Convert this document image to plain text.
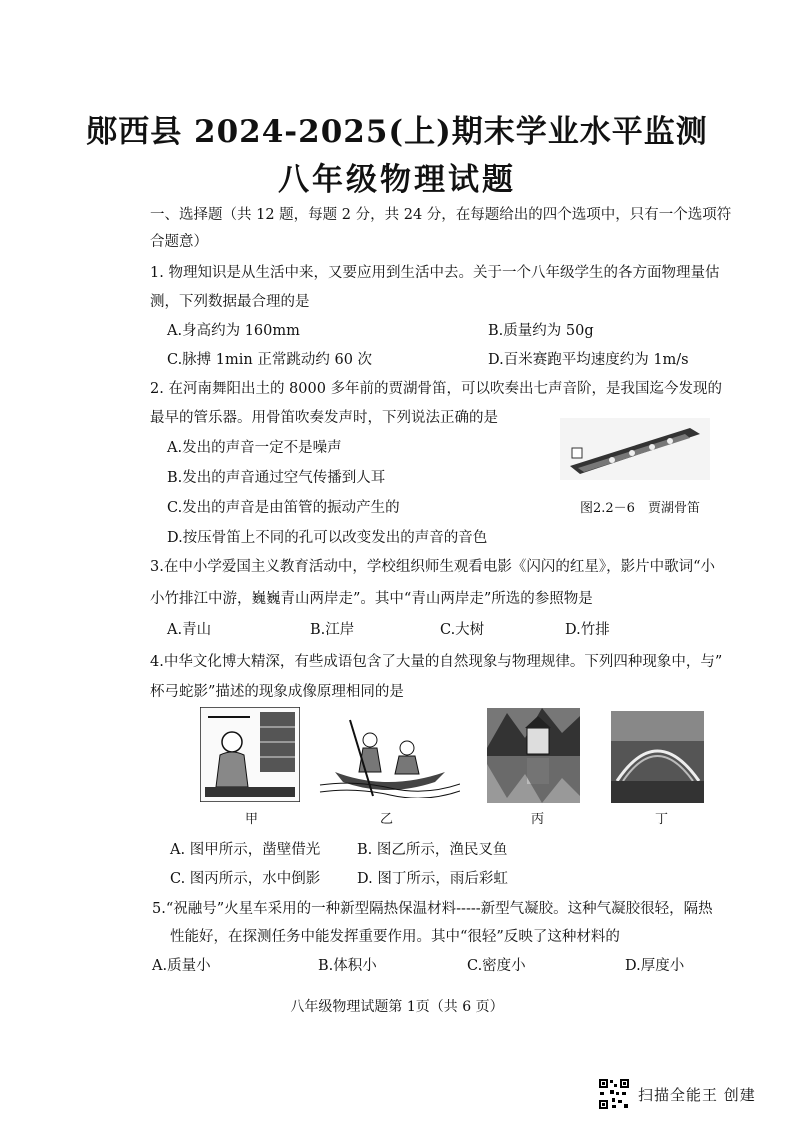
郧西县 2024-2025(上)期末学业水平监测
八年级物理试题
一、选择题（共 12 题，每题 2 分，共 24 分，在每题给出的四个选项中，只有一个选项符
合题意）
1. 物理知识是从生活中来，又要应用到生活中去。关于一个八年级学生的各方面物理量估
测，下列数据最合理的是
A.身高约为 160mm	B.质量约为 50g
C.脉搏 1min 正常跳动约 60 次	D.百米赛跑平均速度约为 1m/s
2. 在河南舞阳出土的 8000 多年前的贾湖骨笛，可以吹奏出七声音阶，是我国迄今发现的
最早的管乐器。用骨笛吹奏发声时，下列说法正确的是
A.发出的声音一定不是噪声
B.发出的声音通过空气传播到人耳
C.发出的声音是由笛管的振动产生的
D.按压骨笛上不同的孔可以改变发出的声音的音色
图2.2－6　贾湖骨笛
3.在中小学爱国主义教育活动中，学校组织师生观看电影《闪闪的红星》，影片中歌词“小
小竹排江中游，巍巍青山两岸走”。其中“青山两岸走”所选的参照物是
A.青山	B.江岸	C.大树	D.竹排
4.中华文化博大精深，有些成语包含了大量的自然现象与物理规律。下列四种现象中，与”
杯弓蛇影”描述的现象成像原理相同的是
甲	乙	丙	丁
A. 图甲所示，凿壁借光	B. 图乙所示，渔民叉鱼
C. 图丙所示，水中倒影	D. 图丁所示，雨后彩虹
5.“祝融号”火星车采用的一种新型隔热保温材料-----新型气凝胶。这种气凝胶很轻，隔热
性能好，在探测任务中能发挥重要作用。其中“很轻”反映了这种材料的
A.质量小	B.体积小	C.密度小	D.厚度小
八年级物理试题第 1页（共 6 页）
扫描全能王 创建
